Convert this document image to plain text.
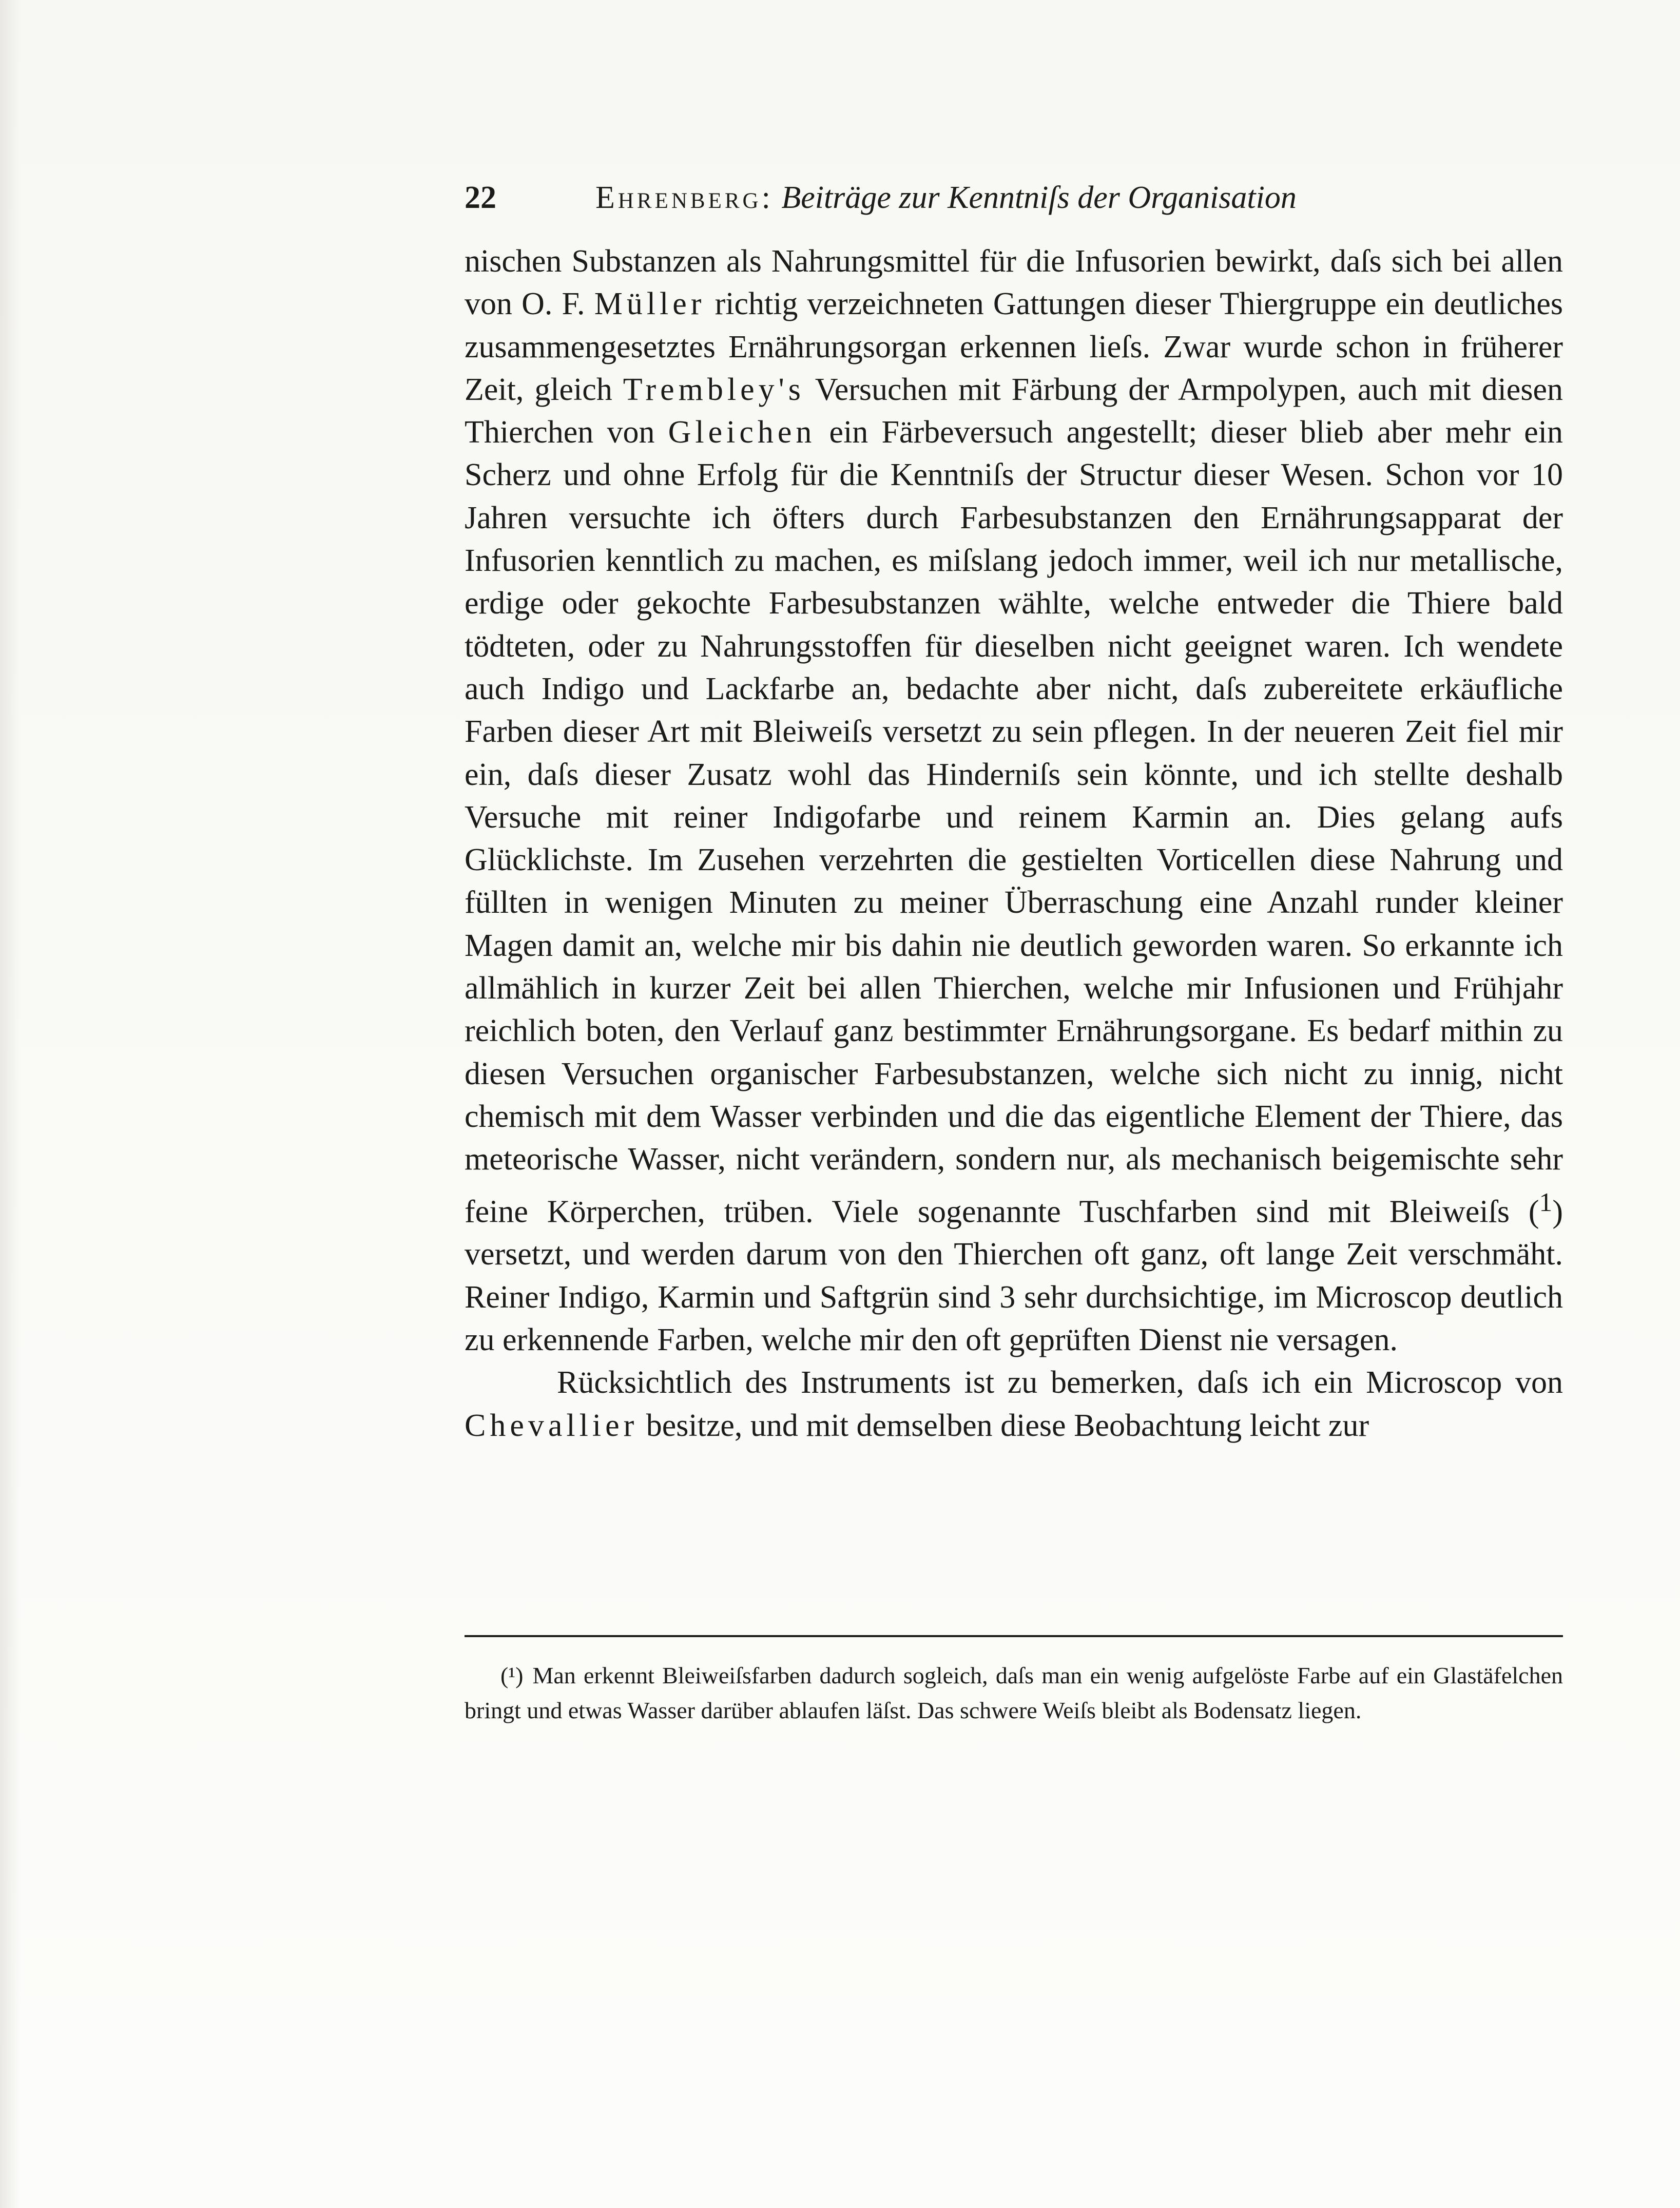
22	Ehrenberg: Beiträge zur Kenntniſs der Organisation

nischen Substanzen als Nahrungsmittel für die Infusorien bewirkt, daſs sich bei allen von O. F. Müller richtig verzeichneten Gattungen dieser Thiergruppe ein deutliches zusammengesetztes Ernährungsorgan erkennen lieſs. Zwar wurde schon in früherer Zeit, gleich Trembley's Versuchen mit Färbung der Armpolypen, auch mit diesen Thierchen von Gleichen ein Färbeversuch angestellt; dieser blieb aber mehr ein Scherz und ohne Erfolg für die Kenntniſs der Structur dieser Wesen. Schon vor 10 Jahren versuchte ich öfters durch Farbesubstanzen den Ernährungsapparat der Infusorien kenntlich zu machen, es miſslang jedoch immer, weil ich nur metallische, erdige oder gekochte Farbesubstanzen wählte, welche entweder die Thiere bald tödteten, oder zu Nahrungsstoffen für dieselben nicht geeignet waren. Ich wendete auch Indigo und Lackfarbe an, bedachte aber nicht, daſs zubereitete erkäufliche Farben dieser Art mit Bleiweiſs versetzt zu sein pflegen. In der neueren Zeit fiel mir ein, daſs dieser Zusatz wohl das Hinderniſs sein könnte, und ich stellte deshalb Versuche mit reiner Indigofarbe und reinem Karmin an. Dies gelang aufs Glücklichste. Im Zusehen verzehrten die gestielten Vorticellen diese Nahrung und füllten in wenigen Minuten zu meiner Überraschung eine Anzahl runder kleiner Magen damit an, welche mir bis dahin nie deutlich geworden waren. So erkannte ich allmählich in kurzer Zeit bei allen Thierchen, welche mir Infusionen und Frühjahr reichlich boten, den Verlauf ganz bestimmter Ernährungsorgane. Es bedarf mithin zu diesen Versuchen organischer Farbesubstanzen, welche sich nicht zu innig, nicht chemisch mit dem Wasser verbinden und die das eigentliche Element der Thiere, das meteorische Wasser, nicht verändern, sondern nur, als mechanisch beigemischte sehr feine Körperchen, trüben. Viele sogenannte Tuschfarben sind mit Bleiweiſs ($^1$) versetzt, und werden darum von den Thierchen oft ganz, oft lange Zeit verschmäht. Reiner Indigo, Karmin und Saftgrün sind 3 sehr durchsichtige, im Microscop deutlich zu erkennende Farben, welche mir den oft geprüften Dienst nie versagen.

Rücksichtlich des Instruments ist zu bemerken, daſs ich ein Microscop von Chevallier besitze, und mit demselben diese Beobachtung leicht zur

(¹) Man erkennt Bleiweiſsfarben dadurch sogleich, daſs man ein wenig aufgelöste Farbe auf ein Glastäfelchen bringt und etwas Wasser darüber ablaufen läſst. Das schwere Weiſs bleibt als Bodensatz liegen.
